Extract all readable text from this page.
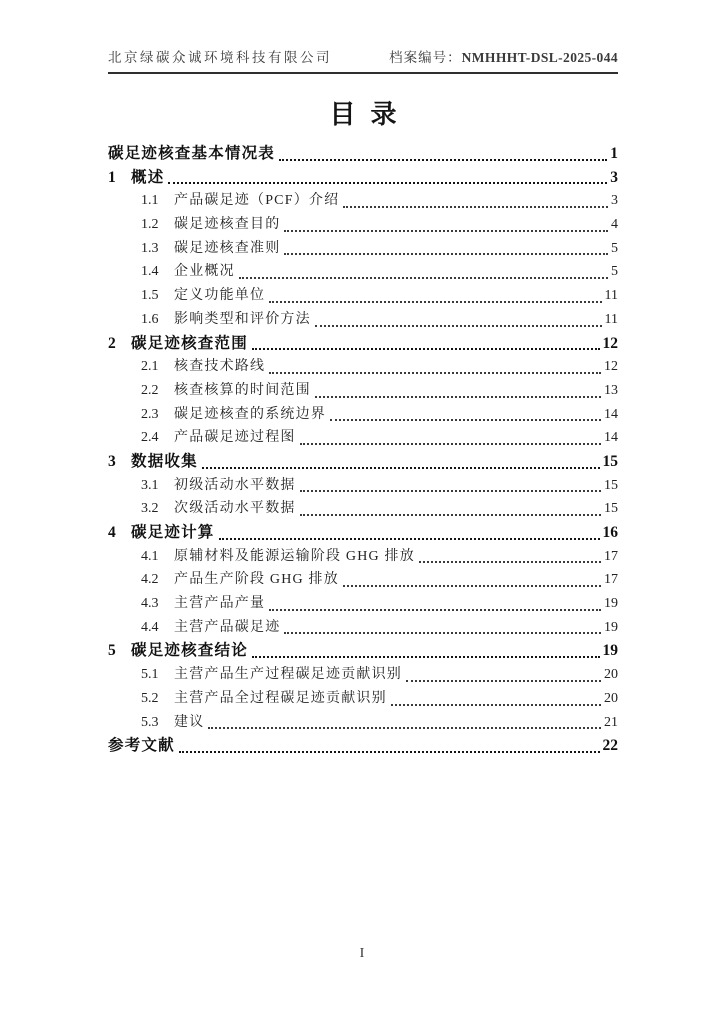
北京绿碳众诚环境科技有限公司	档案编号：NMHHHT-DSL-2025-044
目录
碳足迹核查基本情况表	1
1 概述	3
1.1	产品碳足迹（PCF）介绍	3
1.2	碳足迹核查目的	4
1.3	碳足迹核查准则	5
1.4	企业概况	5
1.5	定义功能单位	11
1.6	影响类型和评价方法	11
2 碳足迹核查范围	12
2.1	核查技术路线	12
2.2	核查核算的时间范围	13
2.3	碳足迹核查的系统边界	14
2.4	产品碳足迹过程图	14
3 数据收集	15
3.1	初级活动水平数据	15
3.2	次级活动水平数据	15
4 碳足迹计算	16
4.1	原辅材料及能源运输阶段 GHG 排放	17
4.2	产品生产阶段 GHG 排放	17
4.3	主营产品产量	19
4.4	主营产品碳足迹	19
5 碳足迹核查结论	19
5.1	主营产品生产过程碳足迹贡献识别	20
5.2	主营产品全过程碳足迹贡献识别	20
5.3	建议	21
参考文献	22
I
